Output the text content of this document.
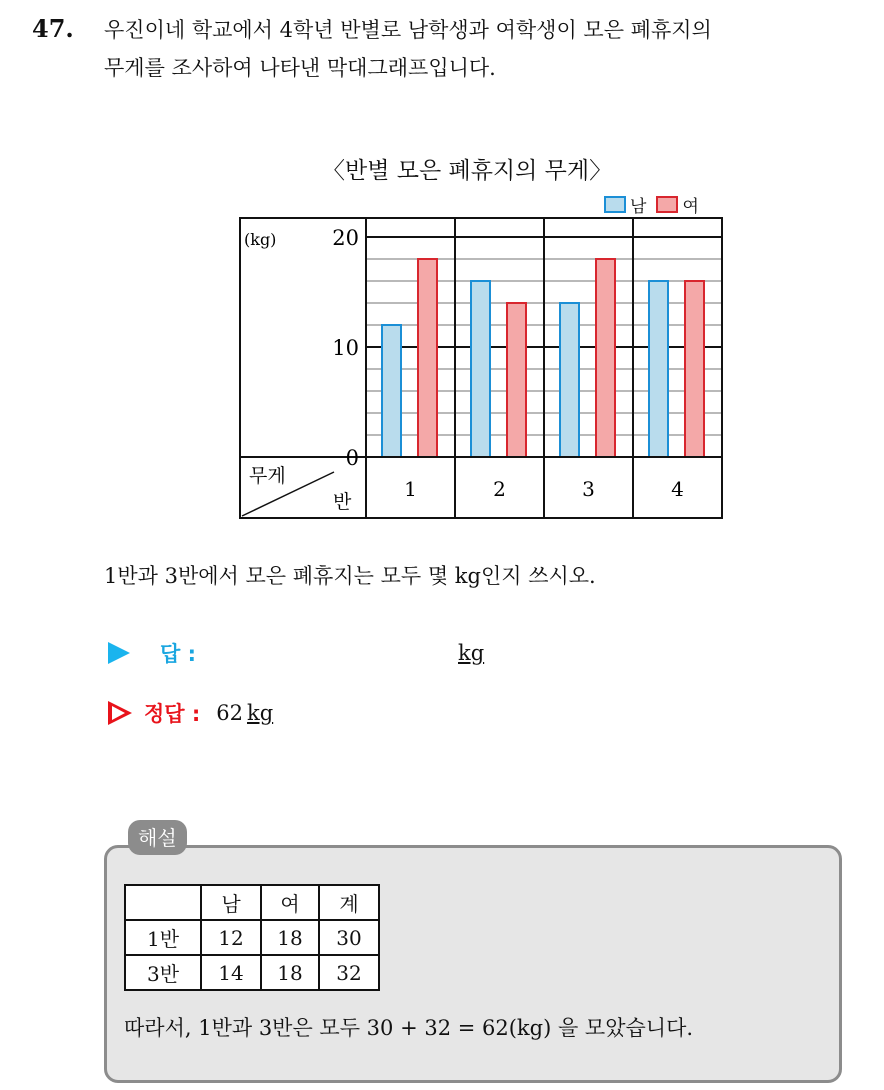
47. 우진이네 학교에서 4학년 반별로 남학생과 여학생이 모은 폐휴지의
무게를 조사하여 나타낸 막대그래프입니다.
〈반별 모은 폐휴지의 무게〉
남 여
(kg)
무게
반
20
10
0
1	2	3	4
1반과 3반에서 모은 폐휴지는 모두 몇 kg인지 쓰시오.
답 :	kg
정답 : 62 kg
해설
	남	여	계
1반	12	18	30
3반	14	18	32
따라서, 1반과 3반은 모두 30 + 32 = 62(kg) 을 모았습니다.
